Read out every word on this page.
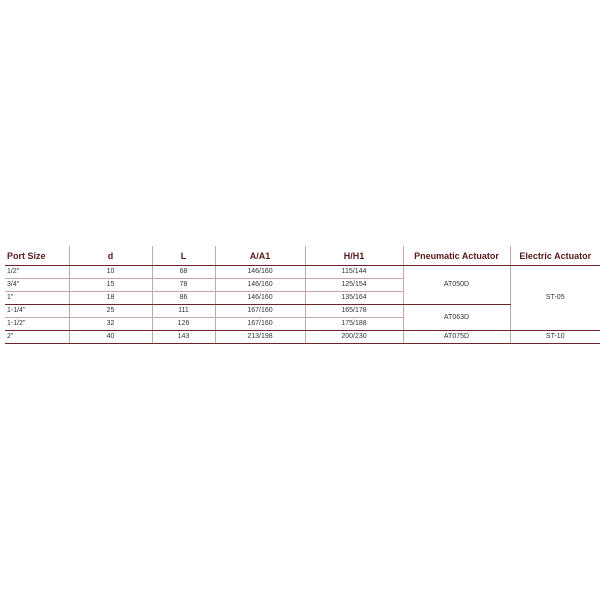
Port Size	d	L	A/A1	H/H1	Pneumatic Actuator	Electric Actuator
1/2"	10	68	146/160	115/144	AT050D	ST-05
3/4"	15	78	146/160	125/154		
1"	18	86	146/160	135/164		
1-1/4"	25	111	167/160	165/178	AT063D	
1-1/2"	32	126	167/160	175/188		
2"	40	143	213/198	200/230	AT075D	ST-10
